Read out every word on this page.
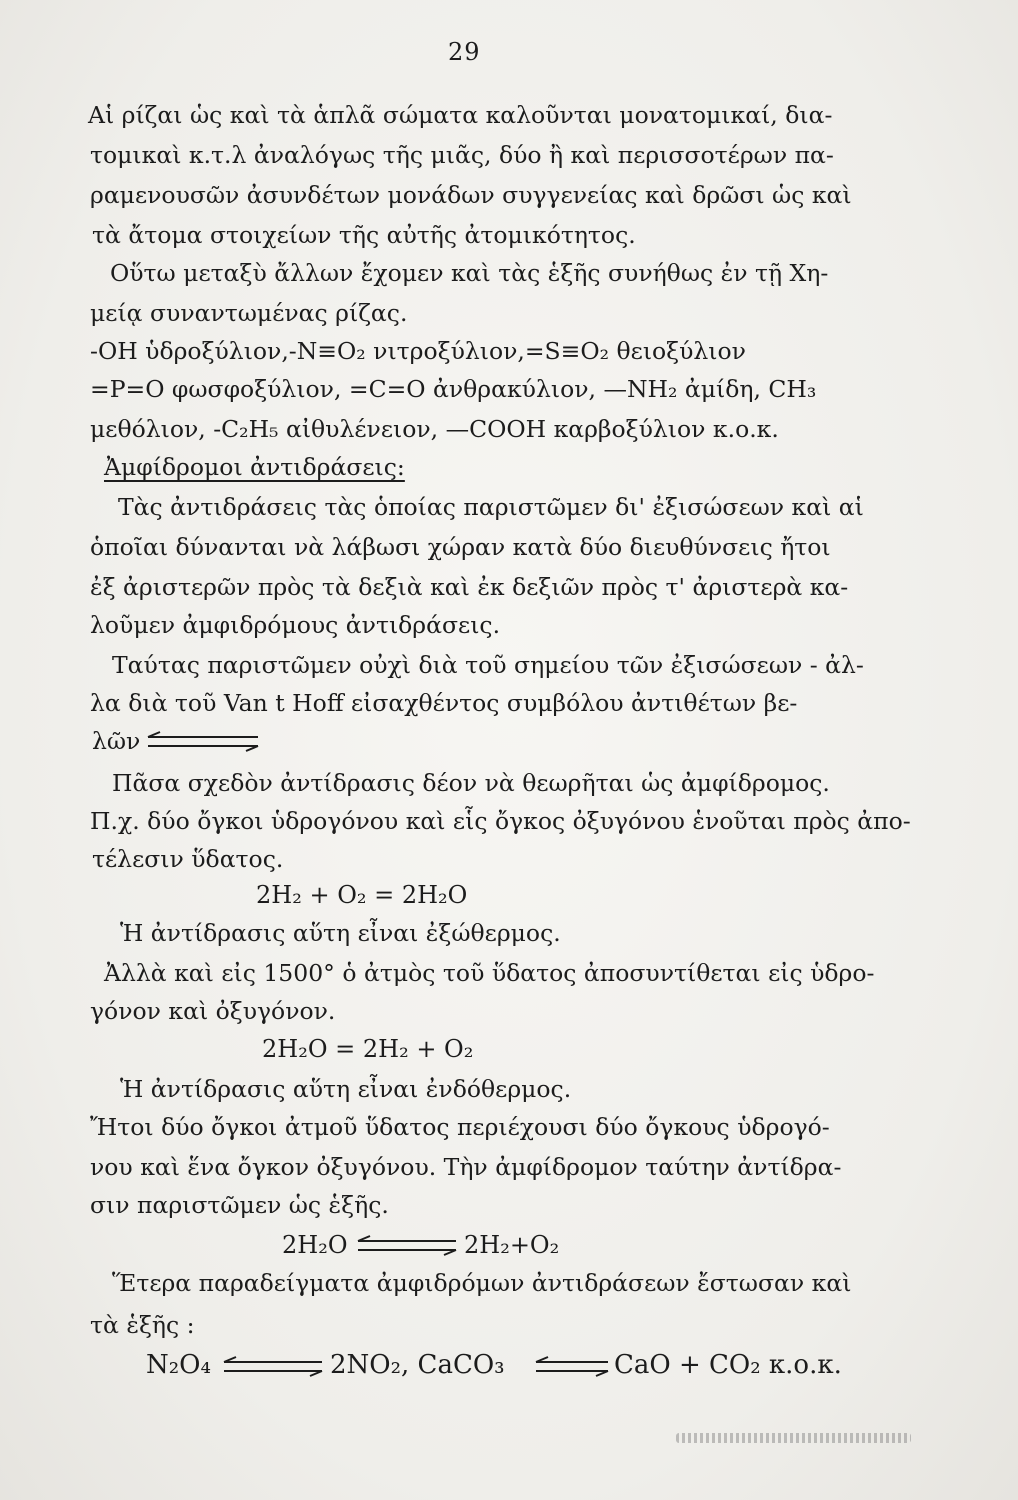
29
Αἱ ρίζαι ὡς καὶ τὰ ἁπλᾶ σώματα καλοῦνται μονατομικαί, δια-
τομικαὶ κ.τ.λ ἀναλόγως τῆς μιᾶς, δύο ἢ καὶ περισσοτέρων πα-
ραμενουσῶν ἀσυνδέτων μονάδων συγγενείας καὶ δρῶσι ὡς καὶ
τὰ ἄτομα στοιχείων τῆς αὐτῆς ἀτομικότητος.
Οὕτω μεταξὺ ἄλλων ἔχομεν καὶ τὰς ἑξῆς συνήθως ἐν τῇ Χη-
μείᾳ συναντωμένας ρίζας.
-OH ὑδροξύλιον,-N≡O₂ νιτροξύλιον,=S≡O₂ θειοξύλιον
=P=O φωσφοξύλιον, =C=O ἀνθρακύλιον, —NH₂ ἀμίδη, CH₃
μεθόλιον, -C₂H₅ αἰθυλένειον, —COOH καρβοξύλιον κ.ο.κ.
Ἀμφίδρομοι ἀντιδράσεις:
Τὰς ἀντιδράσεις τὰς ὁποίας παριστῶμεν δι' ἐξισώσεων καὶ αἱ
ὁποῖαι δύνανται νὰ λάβωσι χώραν κατὰ δύο διευθύνσεις ἤτοι
ἐξ ἀριστερῶν πρὸς τὰ δεξιὰ καὶ ἐκ δεξιῶν πρὸς τ' ἀριστερὰ κα-
λοῦμεν ἀμφιδρόμους ἀντιδράσεις.
Ταύτας παριστῶμεν οὐχὶ διὰ τοῦ σημείου τῶν ἐξισώσεων - ἀλ-
λα διὰ τοῦ Van t Hoff εἰσαχθέντος συμβόλου ἀντιθέτων βε-
λῶν
Πᾶσα σχεδὸν ἀντίδρασις δέον νὰ θεωρῆται ὡς ἀμφίδρομος.
Π.χ. δύο ὄγκοι ὑδρογόνου καὶ εἷς ὄγκος ὀξυγόνου ἑνοῦται πρὸς ἀπο-
τέλεσιν ὕδατος.
2H₂ + O₂ = 2H₂O
Ἡ ἀντίδρασις αὕτη εἶναι ἐξώθερμος.
Ἀλλὰ καὶ εἰς 1500° ὁ ἀτμὸς τοῦ ὕδατος ἀποσυντίθεται εἰς ὑδρο-
γόνον καὶ ὀξυγόνον.
2H₂O = 2H₂ + O₂
Ἡ ἀντίδρασις αὕτη εἶναι ἐνδόθερμος.
Ἤτοι δύο ὄγκοι ἀτμοῦ ὕδατος περιέχουσι δύο ὄγκους ὑδρογό-
νου καὶ ἕνα ὄγκον ὀξυγόνου. Τὴν ἀμφίδρομον ταύτην ἀντίδρα-
σιν παριστῶμεν ὡς ἑξῆς.
2H₂O	2H₂+O₂
Ἕτερα παραδείγματα ἀμφιδρόμων ἀντιδράσεων ἔστωσαν καὶ
τὰ ἑξῆς :
N₂O₄	2NO₂, CaCO₃	CaO + CO₂ κ.ο.κ.
